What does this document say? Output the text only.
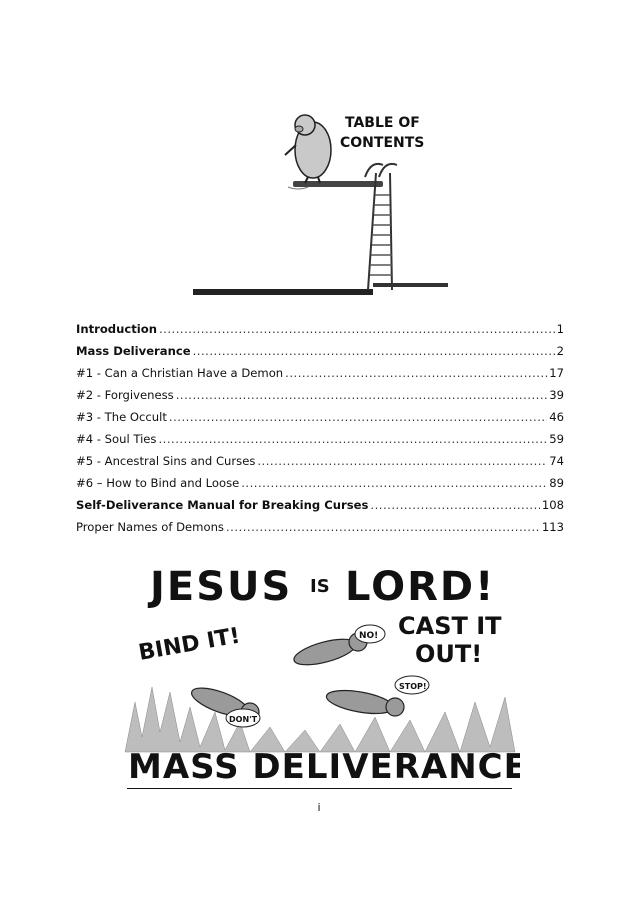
TABLE OF
CONTENTS
Introduction .....	1
Mass Deliverance .....	2
#1 - Can a Christian Have a Demon .....	17
#2 - Forgiveness .....	39
#3 - The Occult .....	46
#4 - Soul Ties .....	59
#5 - Ancestral Sins and Curses .....	74
#6 – How to Bind and Loose .....	89
Self-Deliverance Manual for Breaking Curses .....	108
Proper Names of Demons .....	113
JESUS IS LORD!
BIND IT!	CAST IT
OUT!
NO!
STOP!
DON'T
MASS DELIVERANCE
i
